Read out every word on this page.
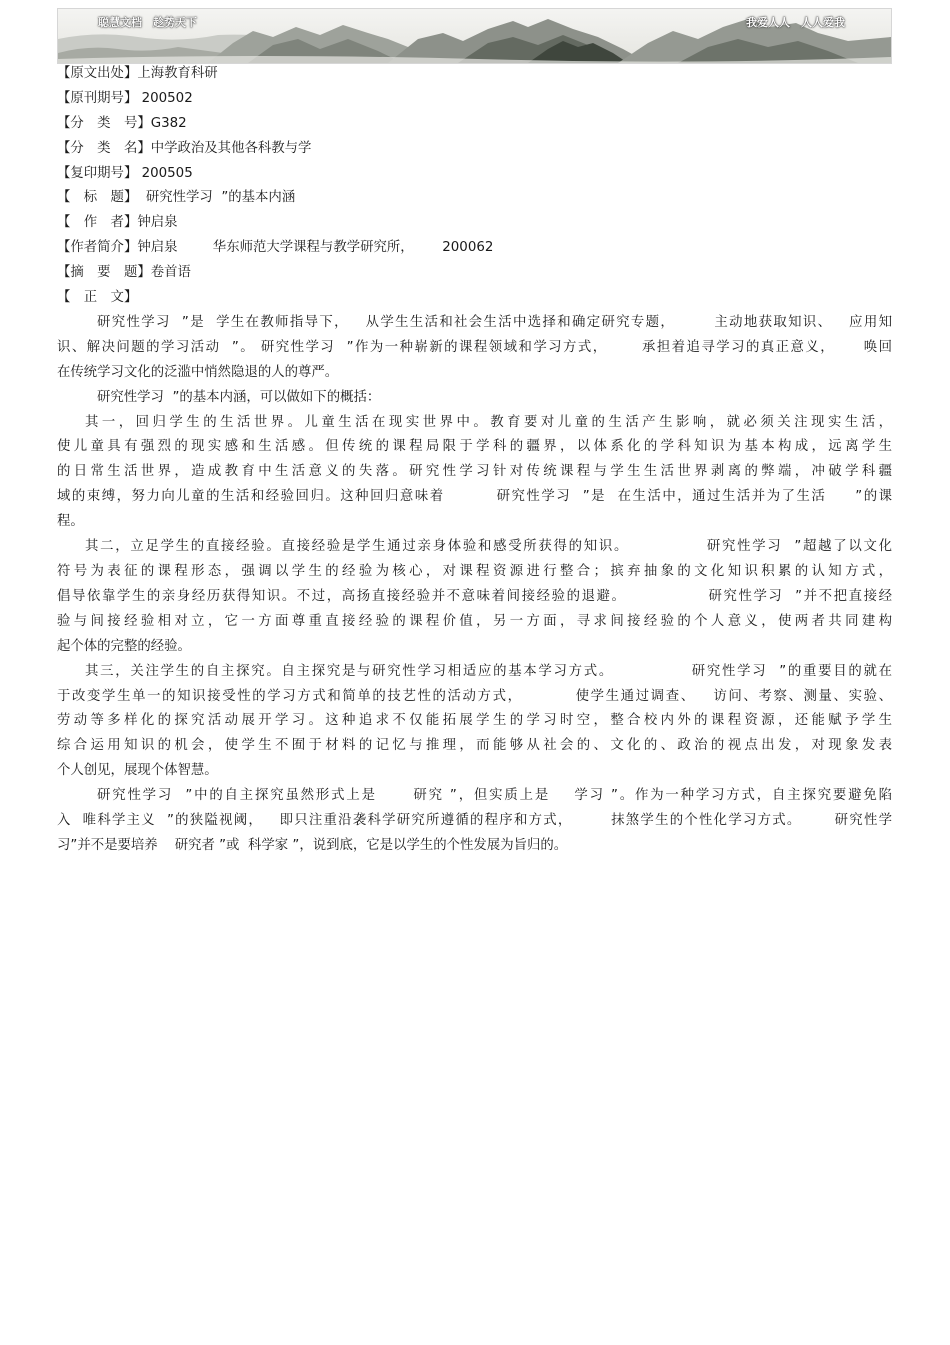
聪慧文档　趁势天下	我爱人人　人人爱我
【原文出处】上海教育科研
【原刊期号】 200502
【分　类　号】G382
【分　类　名】中学政治及其他各科教与学
【复印期号】 200505
【　标　题】  研究性学习  ”的基本内涵
【　作　者】钟启泉
【作者简介】钟启泉　　  华东师范大学课程与教学研究所，　　  200062
【摘　要　题】卷首语
【　正　文】
研究性学习  ”是  学生在教师指导下，   从学生生活和社会生活中选择和确定研究专题，       主动地获取知识、   应用知
识、解决问题的学习活动  ”。 研究性学习  ”作为一种崭新的课程领域和学习方式，      承担着追寻学习的真正意义，     唤回
在传统学习文化的泛滥中悄然隐退的人的尊严。
研究性学习  ”的基本内涵，可以做如下的概括：
其一，回归学生的生活世界。儿童生活在现实世界中。教育要对儿童的生活产生影响，就必须关注现实生活，
使儿童具有强烈的现实感和生活感。但传统的课程局限于学科的疆界，以体系化的学科知识为基本构成，远离学生
的日常生活世界，造成教育中生活意义的失落。研究性学习针对传统课程与学生生活世界剥离的弊端，冲破学科疆
域的束缚，努力向儿童的生活和经验回归。这种回归意味着         研究性学习  ”是  在生活中，通过生活并为了生活     ”的课
程。
其二，立足学生的直接经验。直接经验是学生通过亲身体验和感受所获得的知识。             研究性学习  ”超越了以文化
符号为表征的课程形态，强调以学生的经验为核心，对课程资源进行整合；摈弃抽象的文化知识积累的认知方式，
倡导依靠学生的亲身经历获得知识。不过，高扬直接经验并不意味着间接经验的退避。              研究性学习  ”并不把直接经
验与间接经验相对立，它一方面尊重直接经验的课程价值，另一方面，寻求间接经验的个人意义，使两者共同建构
起个体的完整的经验。
其三，关注学生的自主探究。自主探究是与研究性学习相适应的基本学习方式。             研究性学习  ”的重要目的就在
于改变学生单一的知识接受性的学习方式和简单的技艺性的活动方式，         使学生通过调查、   访问、考察、测量、实验、
劳动等多样化的探究活动展开学习。这种追求不仅能拓展学生的学习时空，整合校内外的课程资源，还能赋予学生
综合运用知识的机会，使学生不囿于材料的记忆与推理，而能够从社会的、文化的、政治的视点出发，对现象发表
个人创见，展现个体智慧。
研究性学习  ”中的自主探究虽然形式上是      研究 ”，但实质上是    学习 ”。作为一种学习方式，自主探究要避免陷
入  唯科学主义  ”的狭隘视阈，   即只注重沿袭科学研究所遵循的程序和方式，       抹煞学生的个性化学习方式。      研究性学
习”并不是要培养    研究者 ”或  科学家 ”，说到底，它是以学生的个性发展为旨归的。
